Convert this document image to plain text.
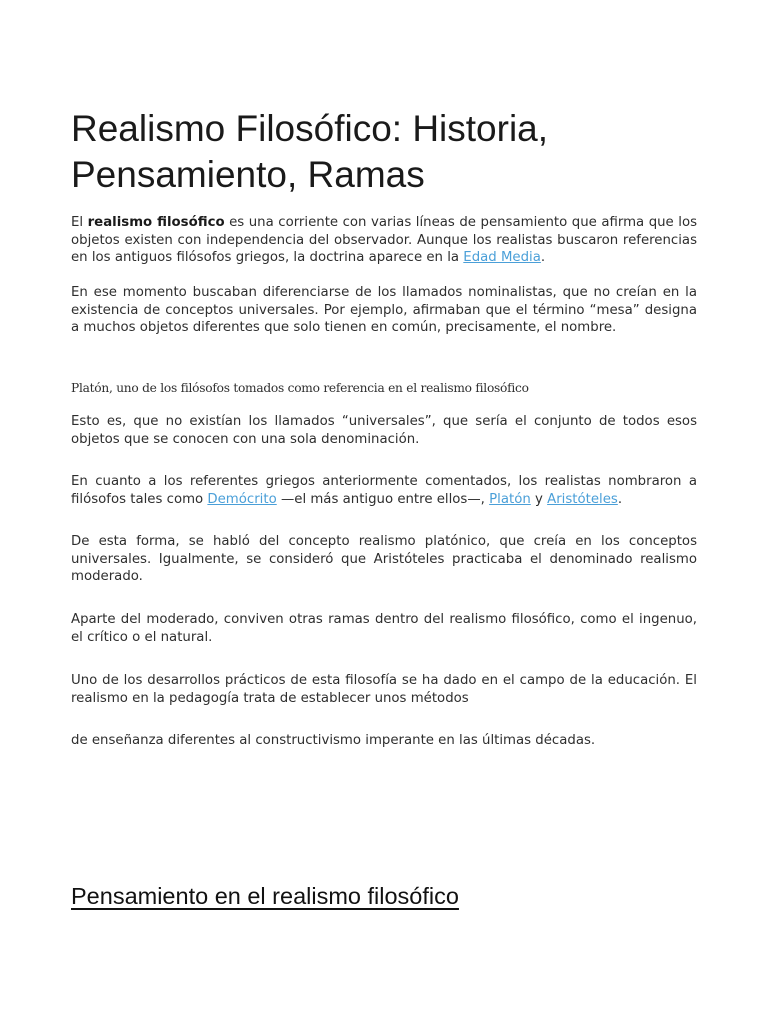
Realismo Filosófico: Historia, Pensamiento, Ramas

El realismo filosófico es una corriente con varias líneas de pensamiento que afirma que los objetos existen con independencia del observador. Aunque los realistas buscaron referencias en los antiguos filósofos griegos, la doctrina aparece en la Edad Media.

En ese momento buscaban diferenciarse de los llamados nominalistas, que no creían en la existencia de conceptos universales. Por ejemplo, afirmaban que el término “mesa” designa a muchos objetos diferentes que solo tienen en común, precisamente, el nombre.

Platón, uno de los filósofos tomados como referencia en el realismo filosófico

Esto es, que no existían los llamados “universales”, que sería el conjunto de todos esos objetos que se conocen con una sola denominación.

En cuanto a los referentes griegos anteriormente comentados, los realistas nombraron a filósofos tales como Demócrito —el más antiguo entre ellos—, Platón y Aristóteles.

De esta forma, se habló del concepto realismo platónico, que creía en los conceptos universales. Igualmente, se consideró que Aristóteles practicaba el denominado realismo moderado.

Aparte del moderado, conviven otras ramas dentro del realismo filosófico, como el ingenuo, el crítico o el natural.

Uno de los desarrollos prácticos de esta filosofía se ha dado en el campo de la educación. El realismo en la pedagogía trata de establecer unos métodos

de enseñanza diferentes al constructivismo imperante en las últimas décadas.

Pensamiento en el realismo filosófico
